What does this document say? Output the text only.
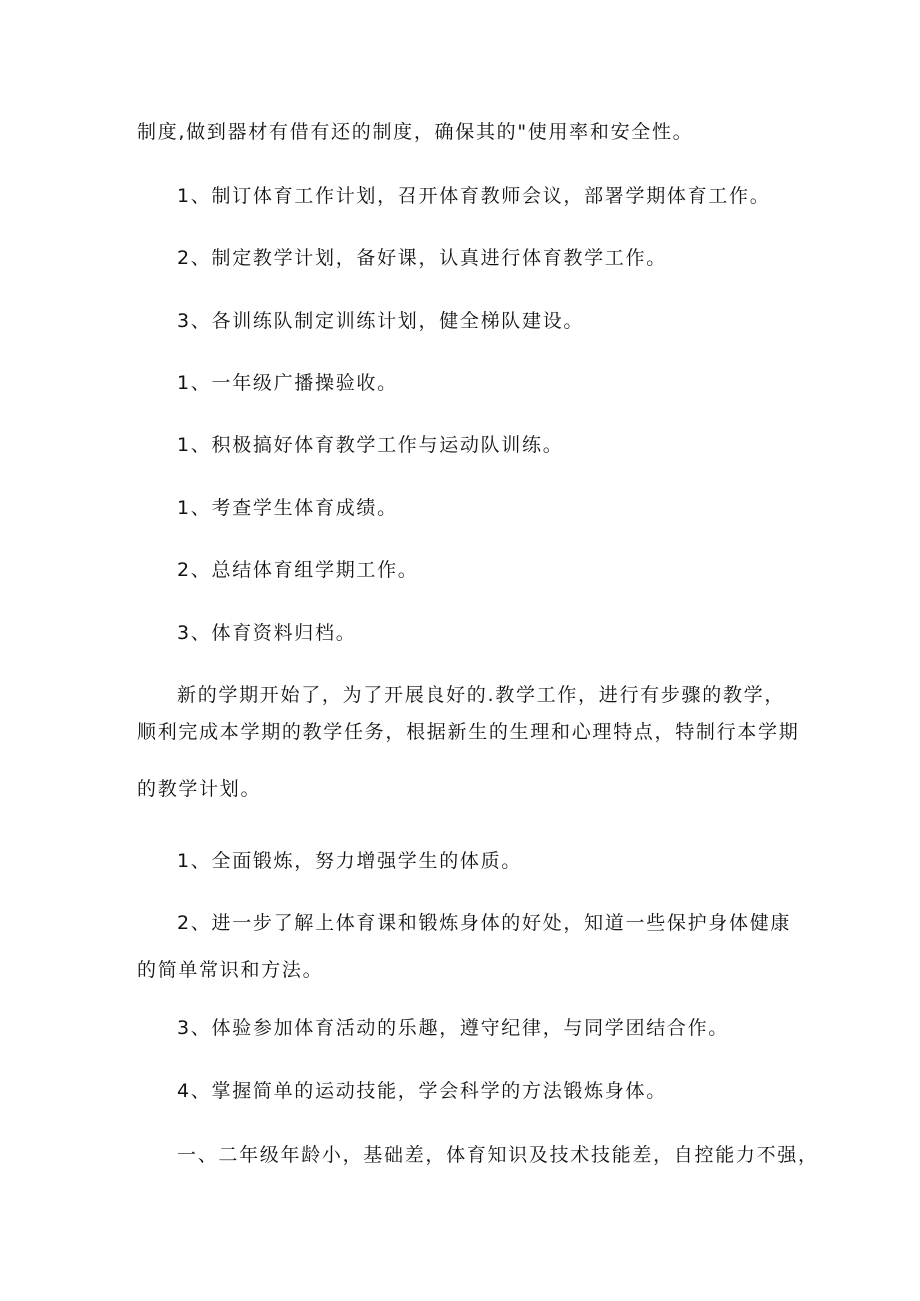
制度,做到器材有借有还的制度，确保其的"使用率和安全性。

1、制订体育工作计划，召开体育教师会议，部署学期体育工作。

2、制定教学计划，备好课，认真进行体育教学工作。

3、各训练队制定训练计划，健全梯队建设。

1、一年级广播操验收。

1、积极搞好体育教学工作与运动队训练。

1、考查学生体育成绩。

2、总结体育组学期工作。

3、体育资料归档。

新的学期开始了，为了开展良好的.教学工作，进行有步骤的教学，

顺利完成本学期的教学任务，根据新生的生理和心理特点，特制行本学期

的教学计划。

1、全面锻炼，努力增强学生的体质。

2、进一步了解上体育课和锻炼身体的好处，知道一些保护身体健康

的简单常识和方法。

3、体验参加体育活动的乐趣，遵守纪律，与同学团结合作。

4、掌握简单的运动技能，学会科学的方法锻炼身体。

一、二年级年龄小，基础差，体育知识及技术技能差，自控能力不强，
